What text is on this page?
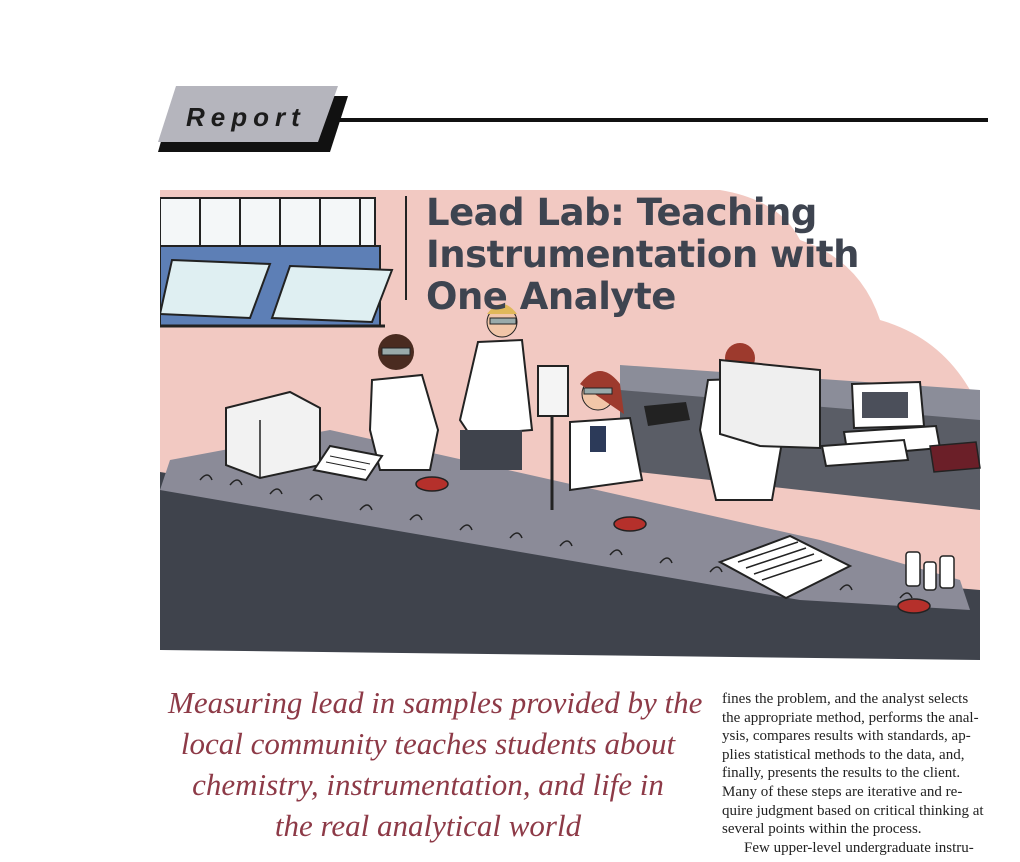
Report
Lead Lab: Teaching
Instrumentation with
One Analyte

Measuring lead in samples provided by the
local community teaches students about
chemistry, instrumentation, and life in
the real analytical world

fines the problem, and the analyst selects
the appropriate method, performs the anal-
ysis, compares results with standards, ap-
plies statistical methods to the data, and,
finally, presents the results to the client.
Many of these steps are iterative and re-
quire judgment based on critical thinking at
several points within the process.
Few upper-level undergraduate instru-
